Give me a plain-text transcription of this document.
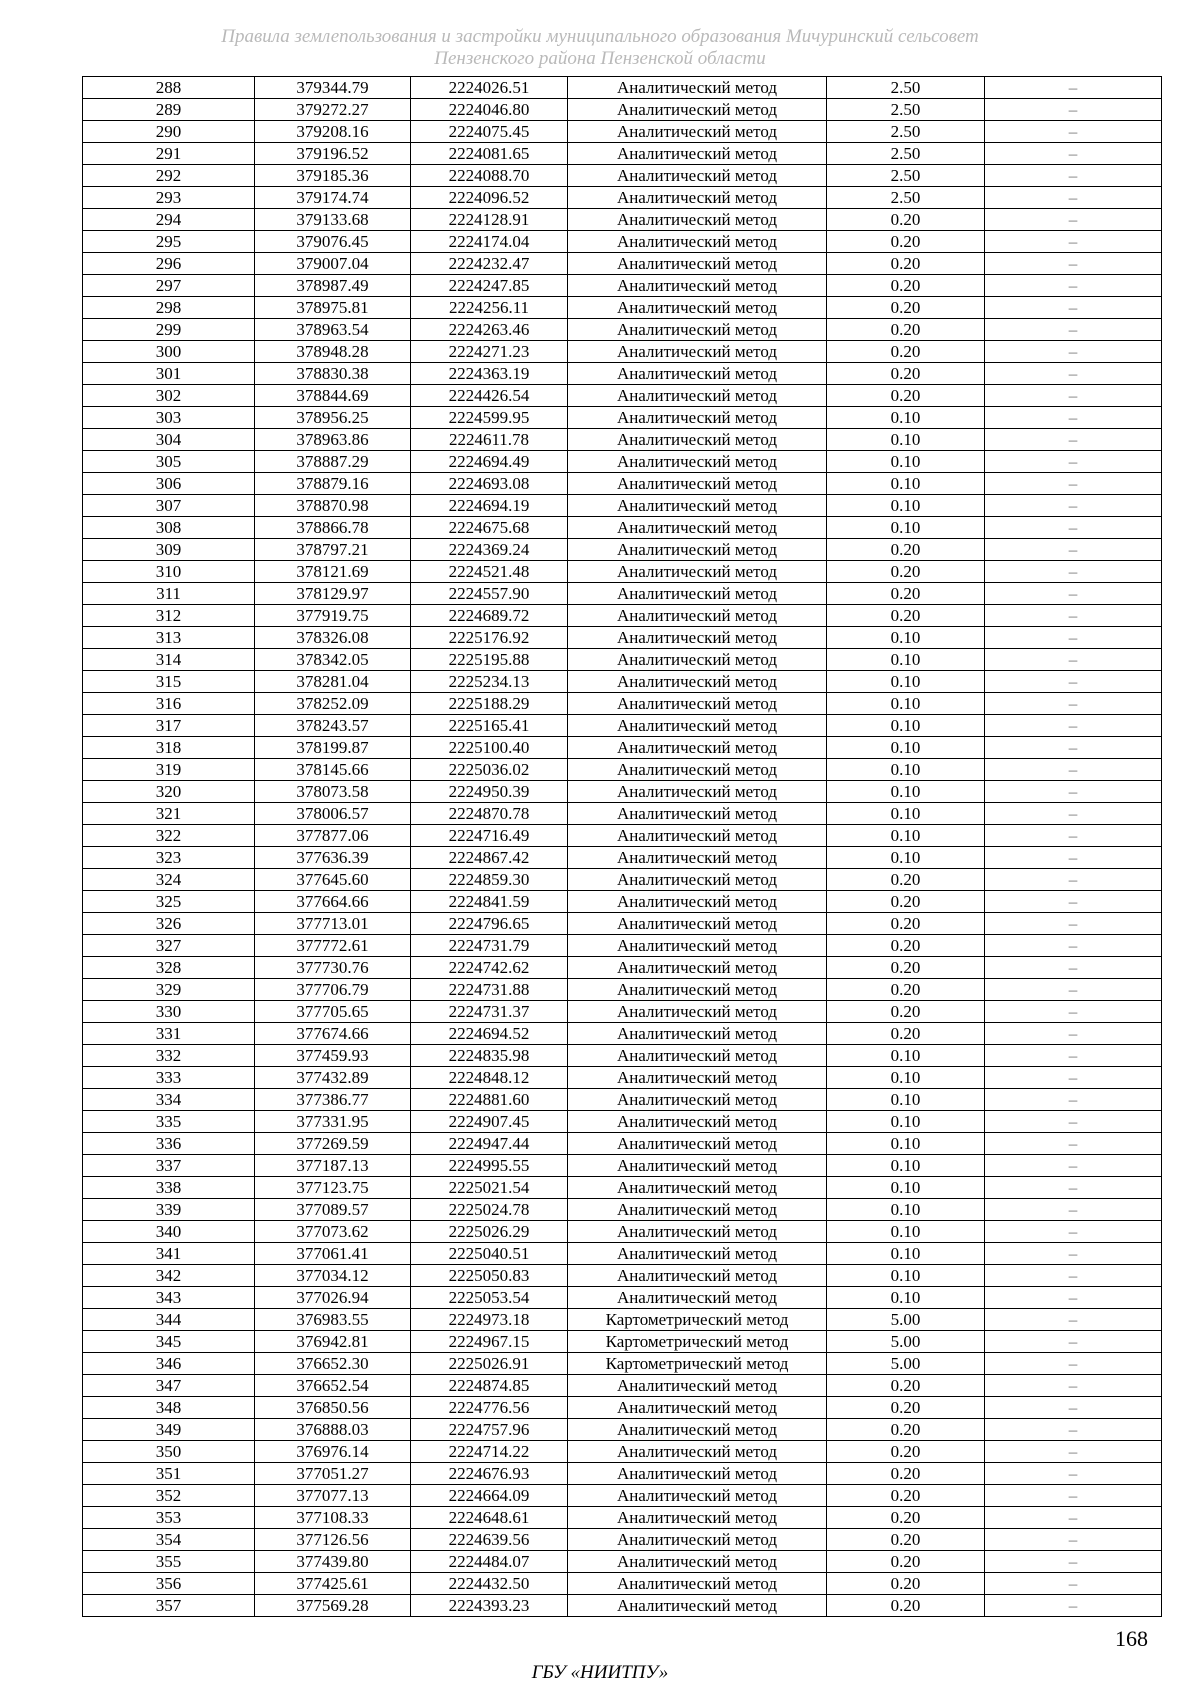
Правила землепользования и застройки муниципального образования Мичуринский сельсовет
Пензенского района Пензенской области
288	379344.79	2224026.51	Аналитический метод	2.50	–
289	379272.27	2224046.80	Аналитический метод	2.50	–
290	379208.16	2224075.45	Аналитический метод	2.50	–
291	379196.52	2224081.65	Аналитический метод	2.50	–
292	379185.36	2224088.70	Аналитический метод	2.50	–
293	379174.74	2224096.52	Аналитический метод	2.50	–
294	379133.68	2224128.91	Аналитический метод	0.20	–
295	379076.45	2224174.04	Аналитический метод	0.20	–
296	379007.04	2224232.47	Аналитический метод	0.20	–
297	378987.49	2224247.85	Аналитический метод	0.20	–
298	378975.81	2224256.11	Аналитический метод	0.20	–
299	378963.54	2224263.46	Аналитический метод	0.20	–
300	378948.28	2224271.23	Аналитический метод	0.20	–
301	378830.38	2224363.19	Аналитический метод	0.20	–
302	378844.69	2224426.54	Аналитический метод	0.20	–
303	378956.25	2224599.95	Аналитический метод	0.10	–
304	378963.86	2224611.78	Аналитический метод	0.10	–
305	378887.29	2224694.49	Аналитический метод	0.10	–
306	378879.16	2224693.08	Аналитический метод	0.10	–
307	378870.98	2224694.19	Аналитический метод	0.10	–
308	378866.78	2224675.68	Аналитический метод	0.10	–
309	378797.21	2224369.24	Аналитический метод	0.20	–
310	378121.69	2224521.48	Аналитический метод	0.20	–
311	378129.97	2224557.90	Аналитический метод	0.20	–
312	377919.75	2224689.72	Аналитический метод	0.20	–
313	378326.08	2225176.92	Аналитический метод	0.10	–
314	378342.05	2225195.88	Аналитический метод	0.10	–
315	378281.04	2225234.13	Аналитический метод	0.10	–
316	378252.09	2225188.29	Аналитический метод	0.10	–
317	378243.57	2225165.41	Аналитический метод	0.10	–
318	378199.87	2225100.40	Аналитический метод	0.10	–
319	378145.66	2225036.02	Аналитический метод	0.10	–
320	378073.58	2224950.39	Аналитический метод	0.10	–
321	378006.57	2224870.78	Аналитический метод	0.10	–
322	377877.06	2224716.49	Аналитический метод	0.10	–
323	377636.39	2224867.42	Аналитический метод	0.10	–
324	377645.60	2224859.30	Аналитический метод	0.20	–
325	377664.66	2224841.59	Аналитический метод	0.20	–
326	377713.01	2224796.65	Аналитический метод	0.20	–
327	377772.61	2224731.79	Аналитический метод	0.20	–
328	377730.76	2224742.62	Аналитический метод	0.20	–
329	377706.79	2224731.88	Аналитический метод	0.20	–
330	377705.65	2224731.37	Аналитический метод	0.20	–
331	377674.66	2224694.52	Аналитический метод	0.20	–
332	377459.93	2224835.98	Аналитический метод	0.10	–
333	377432.89	2224848.12	Аналитический метод	0.10	–
334	377386.77	2224881.60	Аналитический метод	0.10	–
335	377331.95	2224907.45	Аналитический метод	0.10	–
336	377269.59	2224947.44	Аналитический метод	0.10	–
337	377187.13	2224995.55	Аналитический метод	0.10	–
338	377123.75	2225021.54	Аналитический метод	0.10	–
339	377089.57	2225024.78	Аналитический метод	0.10	–
340	377073.62	2225026.29	Аналитический метод	0.10	–
341	377061.41	2225040.51	Аналитический метод	0.10	–
342	377034.12	2225050.83	Аналитический метод	0.10	–
343	377026.94	2225053.54	Аналитический метод	0.10	–
344	376983.55	2224973.18	Картометрический метод	5.00	–
345	376942.81	2224967.15	Картометрический метод	5.00	–
346	376652.30	2225026.91	Картометрический метод	5.00	–
347	376652.54	2224874.85	Аналитический метод	0.20	–
348	376850.56	2224776.56	Аналитический метод	0.20	–
349	376888.03	2224757.96	Аналитический метод	0.20	–
350	376976.14	2224714.22	Аналитический метод	0.20	–
351	377051.27	2224676.93	Аналитический метод	0.20	–
352	377077.13	2224664.09	Аналитический метод	0.20	–
353	377108.33	2224648.61	Аналитический метод	0.20	–
354	377126.56	2224639.56	Аналитический метод	0.20	–
355	377439.80	2224484.07	Аналитический метод	0.20	–
356	377425.61	2224432.50	Аналитический метод	0.20	–
357	377569.28	2224393.23	Аналитический метод	0.20	–
168
ГБУ «НИИТПУ»
